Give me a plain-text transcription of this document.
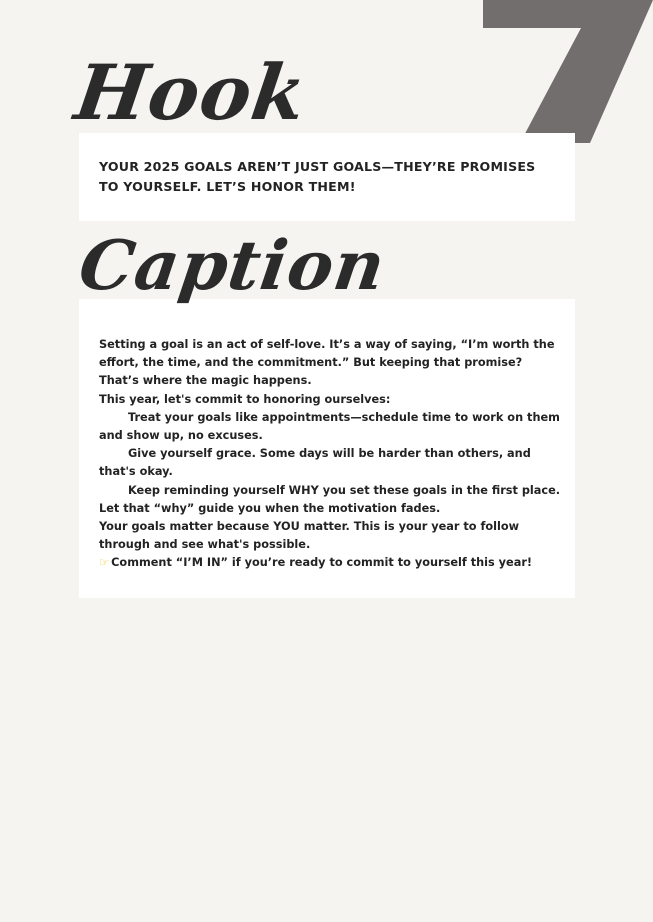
Hook

YOUR 2025 GOALS AREN’T JUST GOALS—THEY’RE PROMISES TO YOURSELF. LET’S HONOR THEM!

Caption

Setting a goal is an act of self-love. It’s a way of saying, “I’m worth the effort, the time, and the commitment.” But keeping that promise? That’s where the magic happens.

This year, let's commit to honoring ourselves:

Treat your goals like appointments—schedule time to work on them and show up, no excuses.

Give yourself grace. Some days will be harder than others, and that's okay.

Keep reminding yourself WHY you set these goals in the first place. Let that “why” guide you when the motivation fades.

Your goals matter because YOU matter. This is your year to follow through and see what's possible.

☞ Comment “I’M IN” if you’re ready to commit to yourself this year!
